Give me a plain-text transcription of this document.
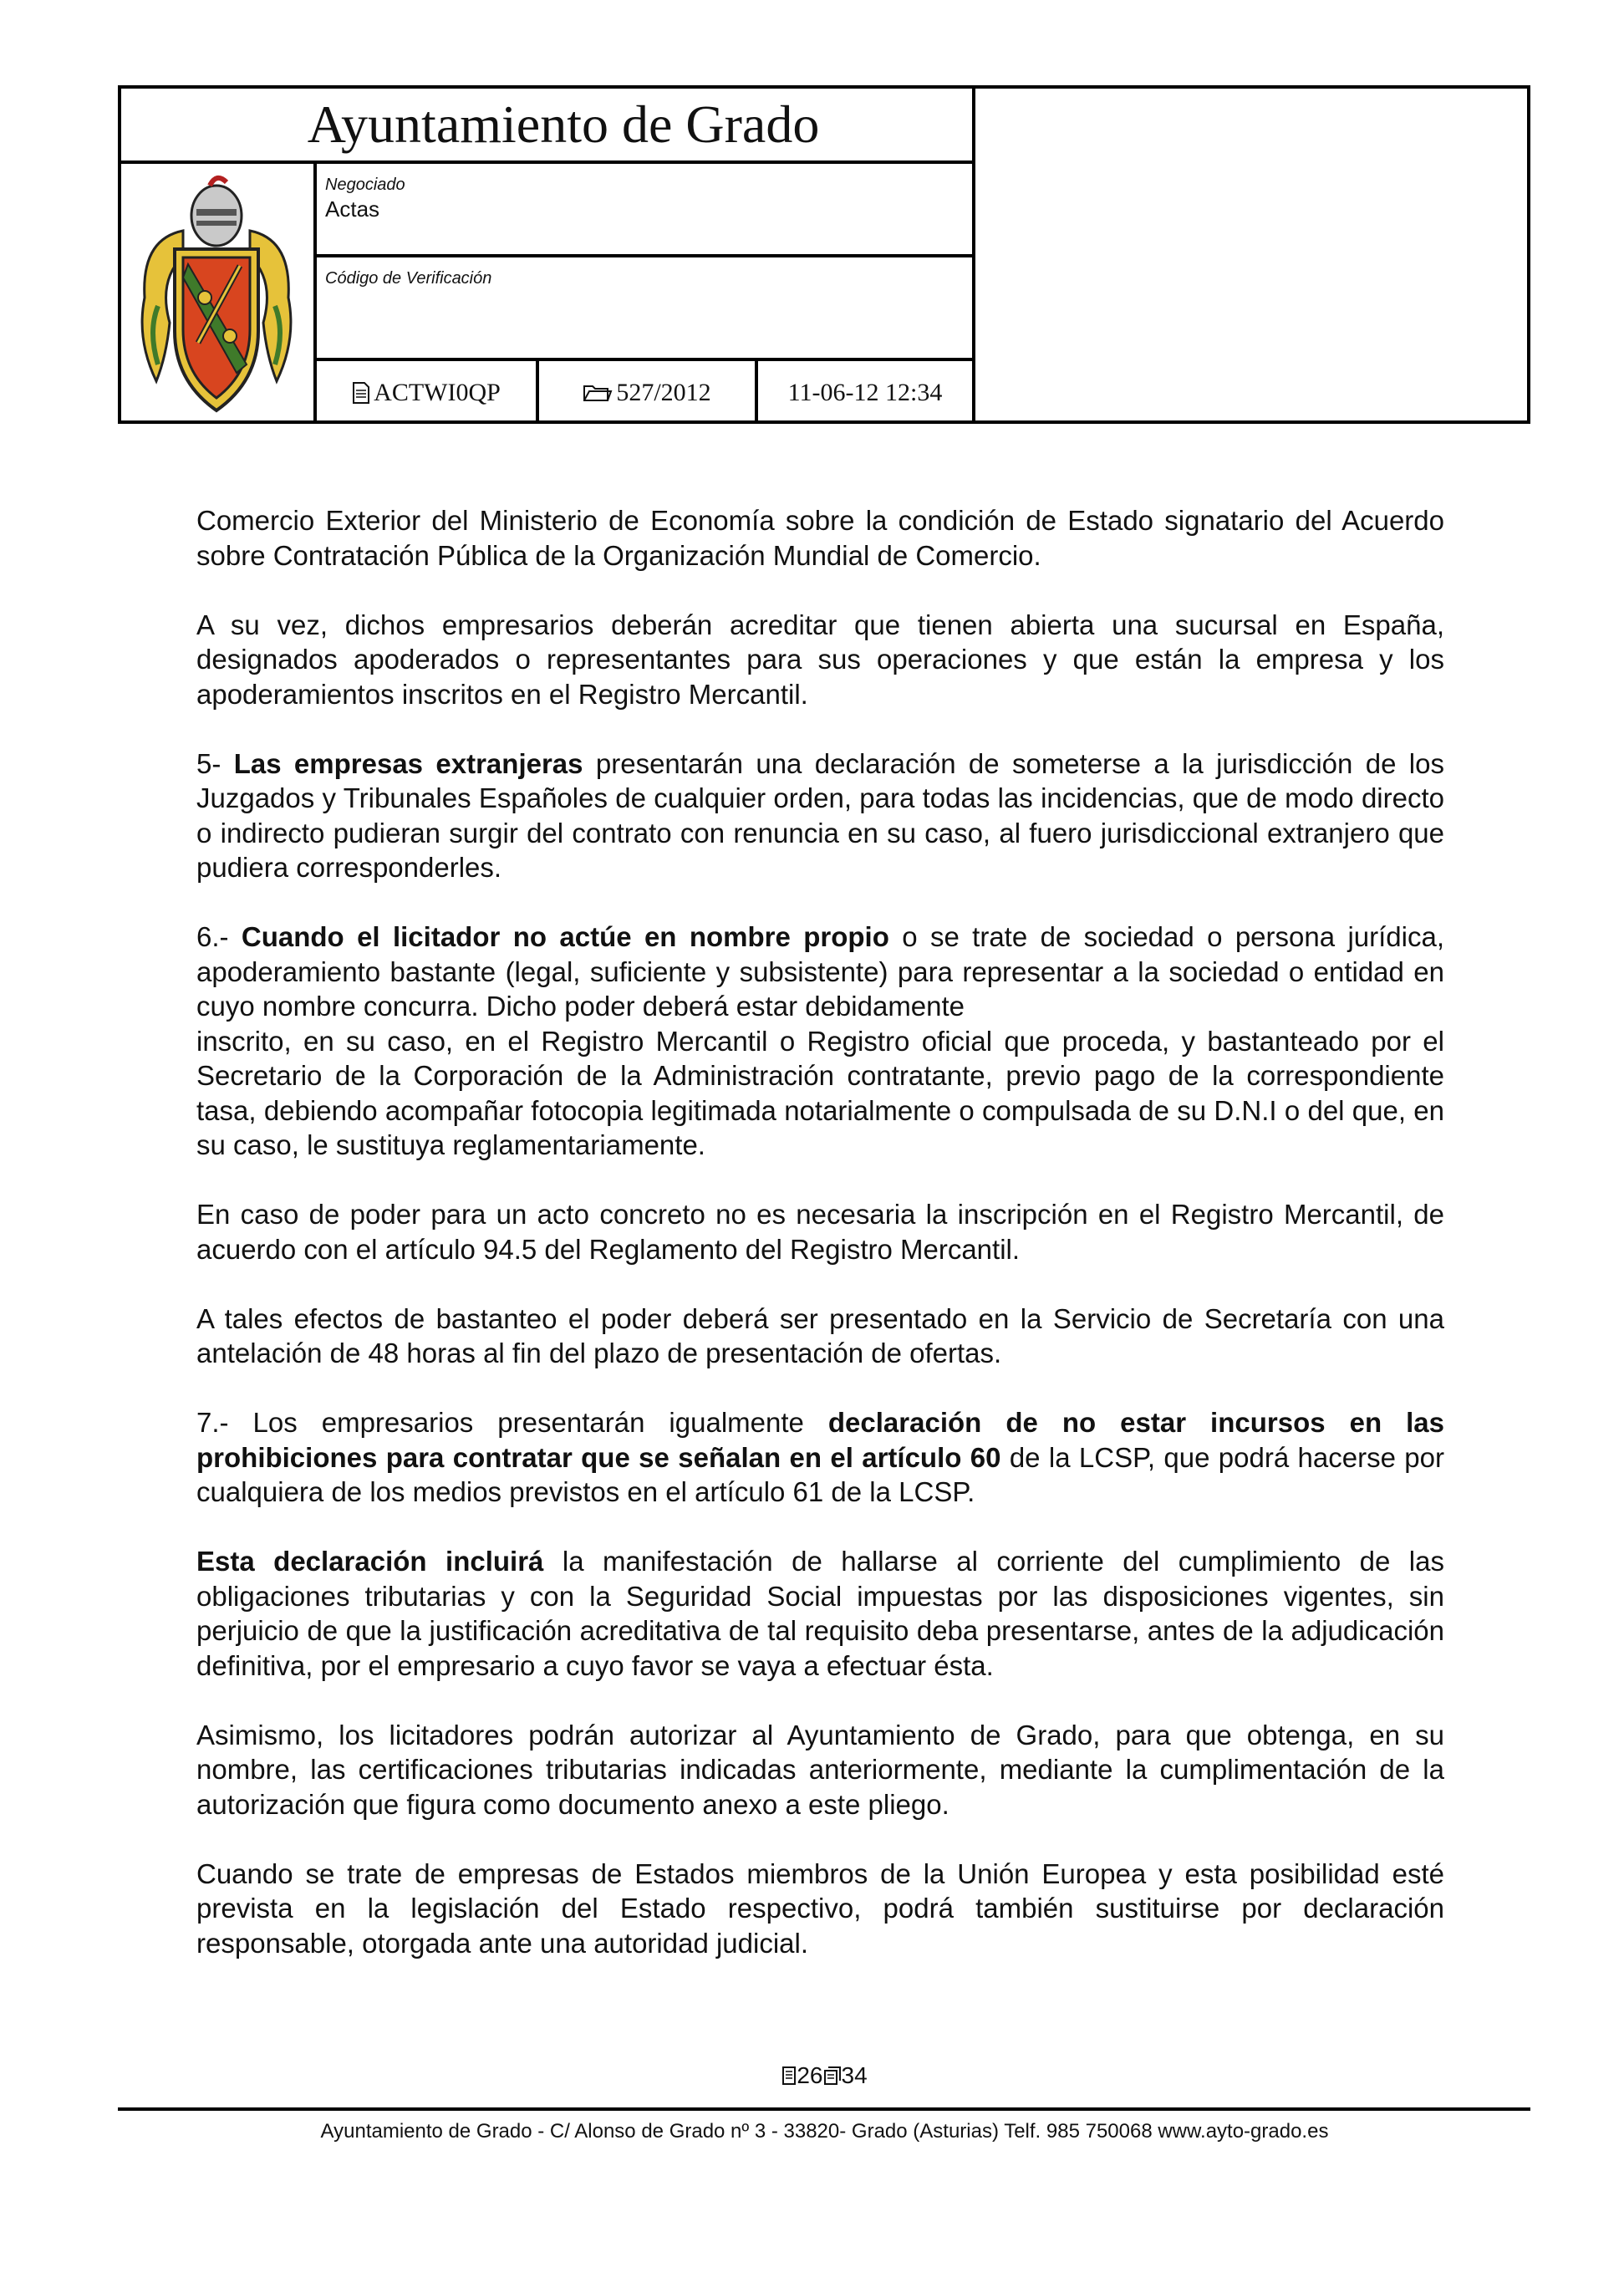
Ayuntamiento de Grado
Negociado
Actas
Código de Verificación
ACTWI0QP	527/2012	11-06-12 12:34

Comercio Exterior del Ministerio de Economía sobre la condición de Estado signatario del Acuerdo sobre Contratación Pública de la Organización Mundial de Comercio.

A su vez, dichos empresarios deberán acreditar que tienen abierta una sucursal en España, designados apoderados o representantes para sus operaciones y que están la empresa y los apoderamientos inscritos en el Registro Mercantil.

5- Las empresas extranjeras presentarán una declaración de someterse a la jurisdicción de los Juzgados y Tribunales Españoles de cualquier orden, para todas las incidencias, que de modo directo o indirecto pudieran surgir del contrato con renuncia en su caso, al fuero jurisdiccional extranjero que pudiera corresponderles.

6.- Cuando el licitador no actúe en nombre propio o se trate de sociedad o persona jurídica, apoderamiento bastante (legal, suficiente y subsistente) para representar a la sociedad o entidad en cuyo nombre concurra. Dicho poder deberá estar debidamente

inscrito, en su caso, en el Registro Mercantil o Registro oficial que proceda, y bastanteado por el Secretario de la Corporación de la Administración contratante, previo pago de la correspondiente tasa, debiendo acompañar fotocopia legitimada notarialmente o compulsada de su D.N.I o del que, en su caso, le sustituya reglamentariamente.

En caso de poder para un acto concreto no es necesaria la inscripción en el Registro Mercantil, de acuerdo con el artículo 94.5 del Reglamento del Registro Mercantil.

A tales efectos de bastanteo el poder deberá ser presentado en la Servicio de Secretaría con una antelación de 48 horas al fin del plazo de presentación de ofertas.

7.- Los empresarios presentarán igualmente declaración de no estar incursos en las prohibiciones para contratar que se señalan en el artículo 60 de la LCSP, que podrá hacerse por cualquiera de los medios previstos en el artículo 61 de la LCSP.

Esta declaración incluirá la manifestación de hallarse al corriente del cumplimiento de las obligaciones tributarias y con la Seguridad Social impuestas por las disposiciones vigentes, sin perjuicio de que la justificación acreditativa de tal requisito deba presentarse, antes de la adjudicación definitiva, por el empresario a cuyo favor se vaya a efectuar ésta.

Asimismo, los licitadores podrán autorizar al Ayuntamiento de Grado, para que obtenga, en su nombre, las certificaciones tributarias indicadas anteriormente, mediante la cumplimentación de la autorización que figura como documento anexo a este pliego.

Cuando se trate de empresas de Estados miembros de la Unión Europea y esta posibilidad esté prevista en la legislación del Estado respectivo, podrá también sustituirse por declaración responsable, otorgada ante una autoridad judicial.

26 34
Ayuntamiento de Grado - C/ Alonso de Grado nº 3 - 33820- Grado (Asturias) Telf. 985 750068 www.ayto-grado.es
